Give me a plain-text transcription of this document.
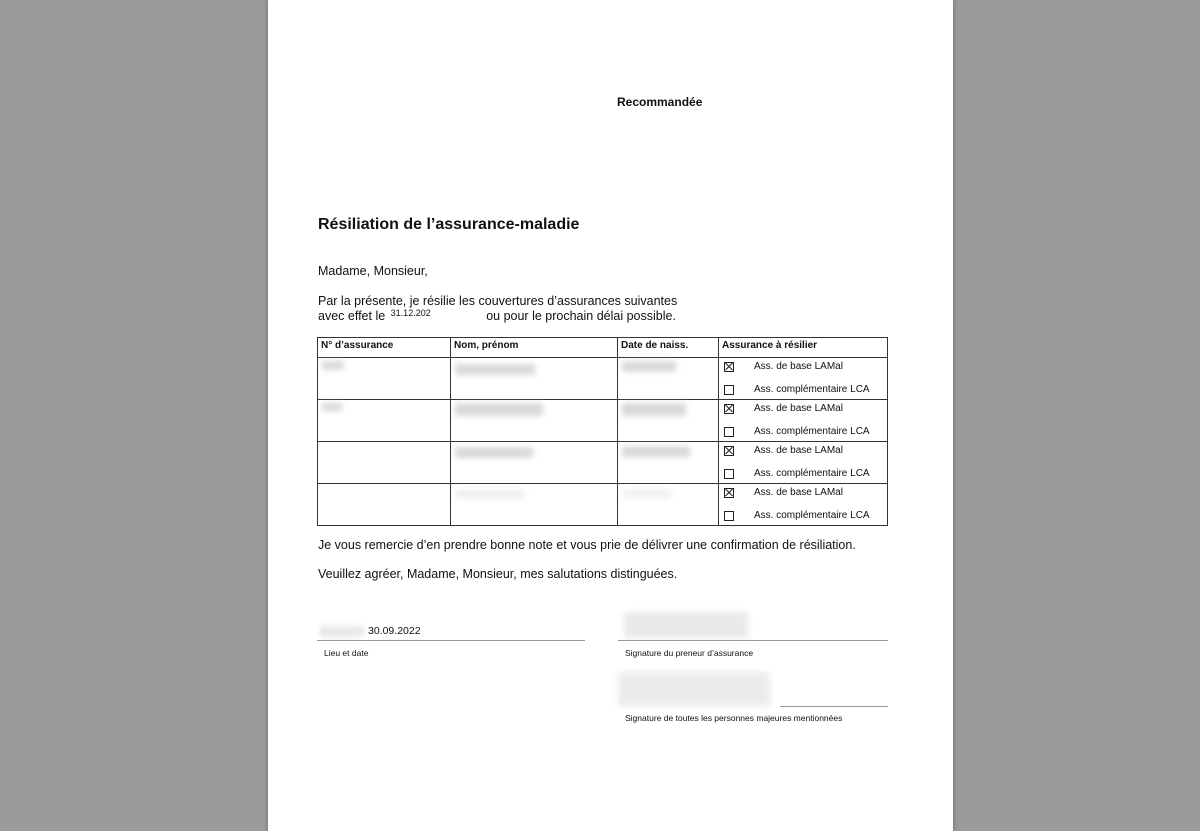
Recommandée
Résiliation de l’assurance-maladie
Madame, Monsieur,
Par la présente, je résilie les couvertures d’assurances suivantes
avec effet le $^{31.12.202}$	ou pour le prochain délai possible.
N° d’assurance	Nom, prénom	Date de naiss.	Assurance à résilier

			Ass. de base LAMal
Ass. complémentaire LCA

			Ass. de base LAMal
Ass. complémentaire LCA

			Ass. de base LAMal
Ass. complémentaire LCA

			Ass. de base LAMal
Ass. complémentaire LCA
Je vous remercie d’en prendre bonne note et vous prie de délivrer une confirmation de résiliation.
Veuillez agréer, Madame, Monsieur, mes salutations distinguées.
30.09.2022
Lieu et date	Signature du preneur d’assurance
Signature de toutes les personnes majeures mentionnées
